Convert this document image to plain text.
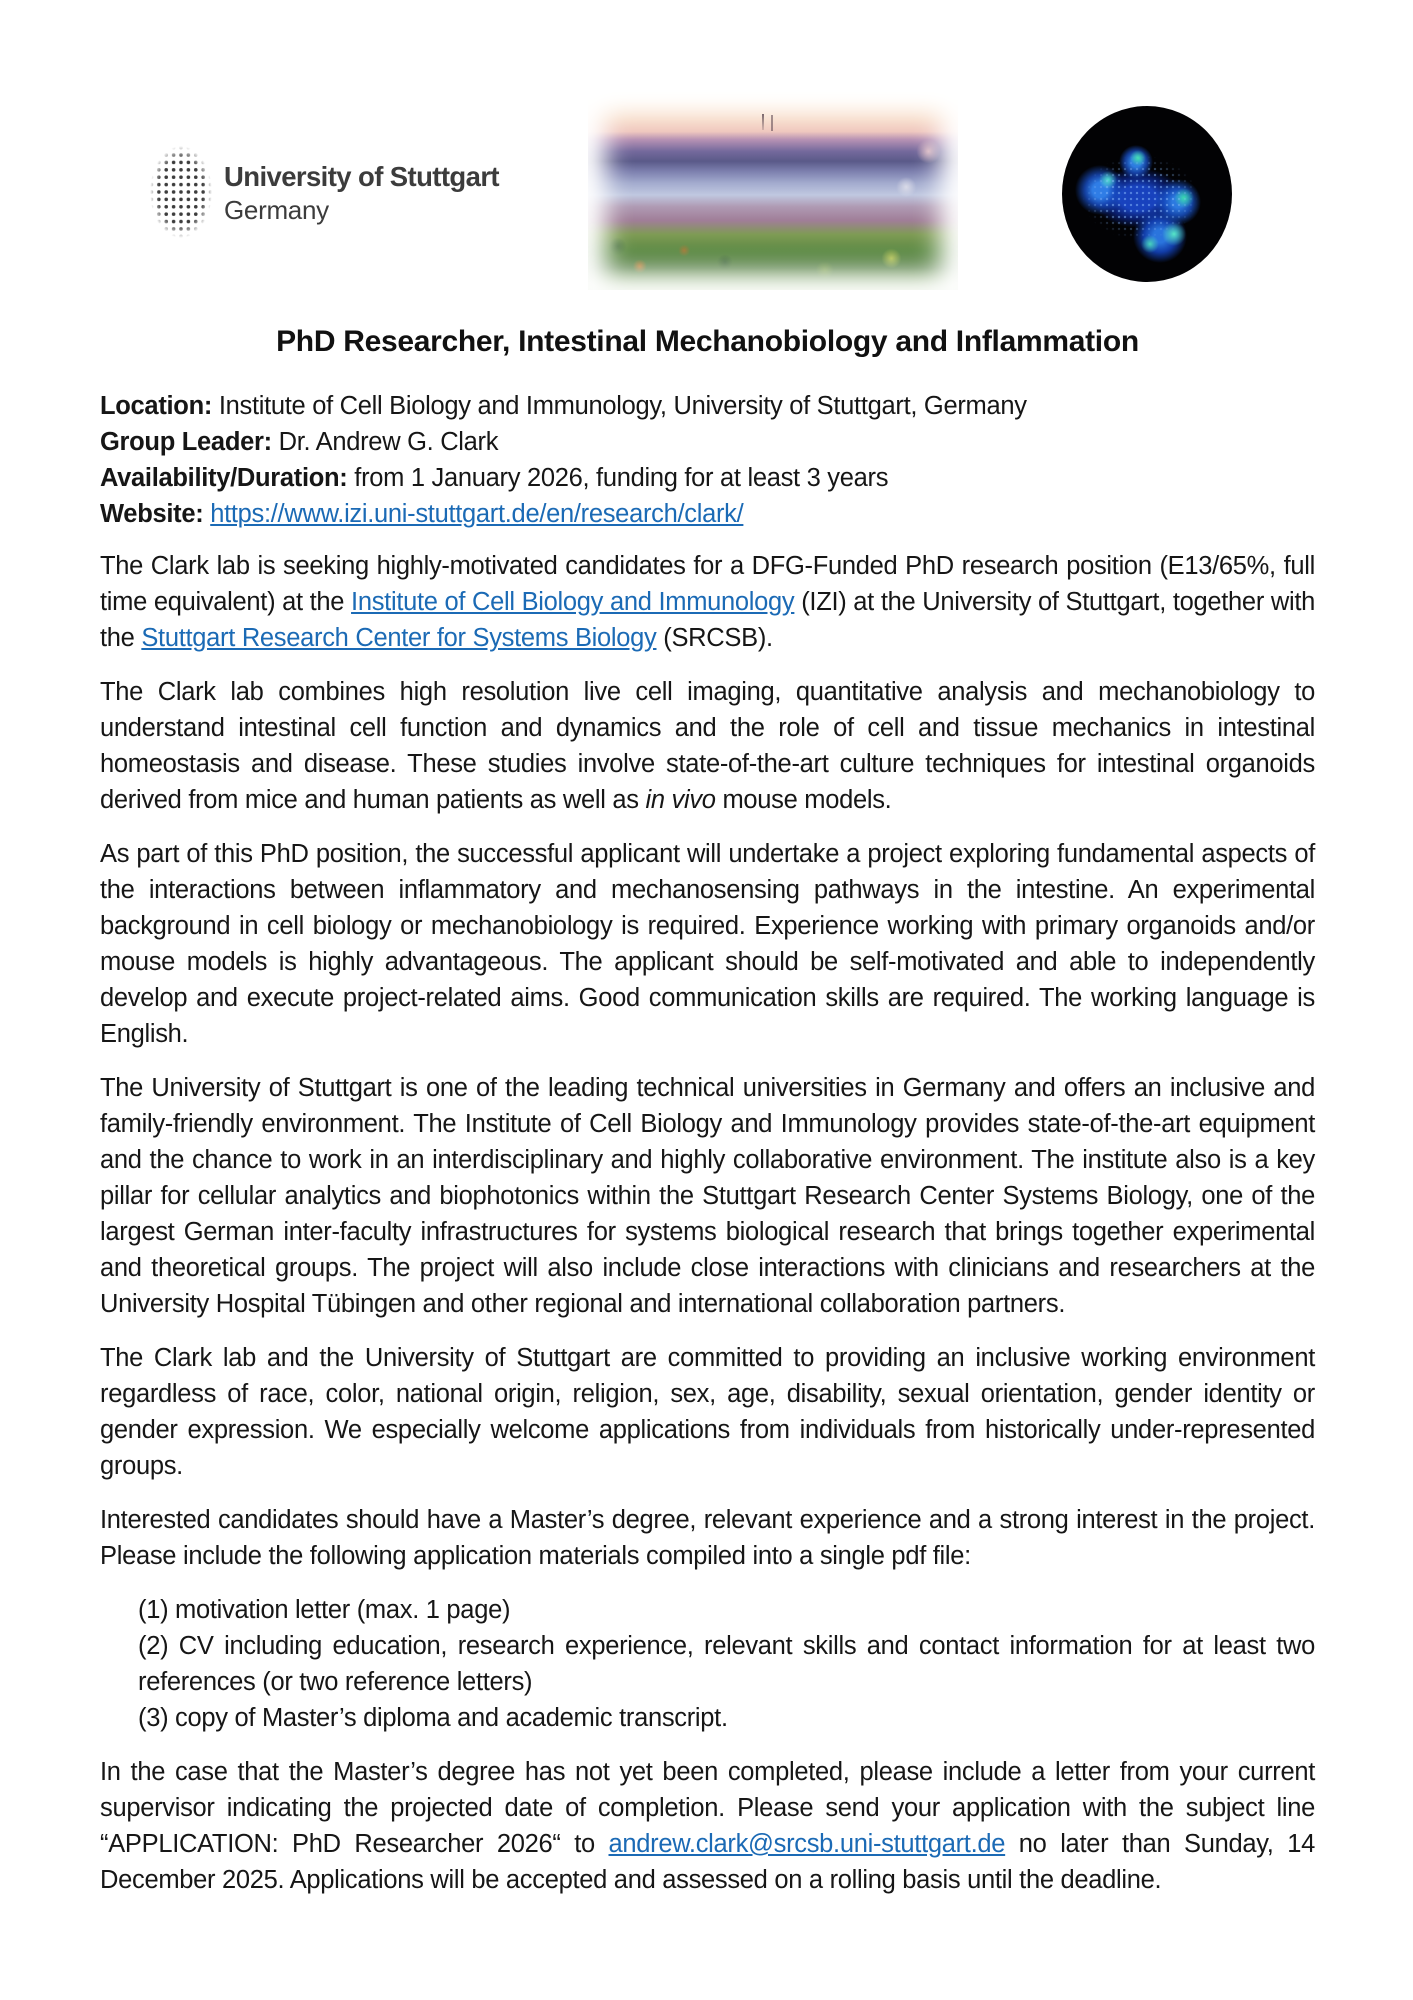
University of Stuttgart
Germany
PhD Researcher, Intestinal Mechanobiology and Inflammation

Location: Institute of Cell Biology and Immunology, University of Stuttgart, Germany

Group Leader: Dr. Andrew G. Clark

Availability/Duration: from 1 January 2026, funding for at least 3 years

Website: https://www.izi.uni-stuttgart.de/en/research/clark/

The Clark lab is seeking highly-motivated candidates for a DFG-Funded PhD research position (E13/65%, full time equivalent) at the Institute of Cell Biology and Immunology (IZI) at the University of Stuttgart, together with the Stuttgart Research Center for Systems Biology (SRCSB).

The Clark lab combines high resolution live cell imaging, quantitative analysis and mechanobiology to understand intestinal cell function and dynamics and the role of cell and tissue mechanics in intestinal homeostasis and disease. These studies involve state-of-the-art culture techniques for intestinal organoids derived from mice and human patients as well as in vivo mouse models.

As part of this PhD position, the successful applicant will undertake a project exploring fundamental aspects of the interactions between inflammatory and mechanosensing pathways in the intestine. An experimental background in cell biology or mechanobiology is required. Experience working with primary organoids and/or mouse models is highly advantageous. The applicant should be self-motivated and able to independently develop and execute project-related aims. Good communication skills are required. The working language is English.

The University of Stuttgart is one of the leading technical universities in Germany and offers an inclusive and family-friendly environment. The Institute of Cell Biology and Immunology provides state-of-the-art equipment and the chance to work in an interdisciplinary and highly collaborative environment. The institute also is a key pillar for cellular analytics and biophotonics within the Stuttgart Research Center Systems Biology, one of the largest German inter-faculty infrastructures for systems biological research that brings together experimental and theoretical groups. The project will also include close interactions with clinicians and researchers at the University Hospital Tübingen and other regional and international collaboration partners.

The Clark lab and the University of Stuttgart are committed to providing an inclusive working environment regardless of race, color, national origin, religion, sex, age, disability, sexual orientation, gender identity or gender expression. We especially welcome applications from individuals from historically under-represented groups.

Interested candidates should have a Master’s degree, relevant experience and a strong interest in the project. Please include the following application materials compiled into a single pdf file:

(1) motivation letter (max. 1 page)

(2) CV including education, research experience, relevant skills and contact information for at least two references (or two reference letters)

(3) copy of Master’s diploma and academic transcript.

In the case that the Master’s degree has not yet been completed, please include a letter from your current supervisor indicating the projected date of completion. Please send your application with the subject line “APPLICATION: PhD Researcher 2026“ to andrew.clark@srcsb.uni-stuttgart.de no later than Sunday, 14 December 2025. Applications will be accepted and assessed on a rolling basis until the deadline.
